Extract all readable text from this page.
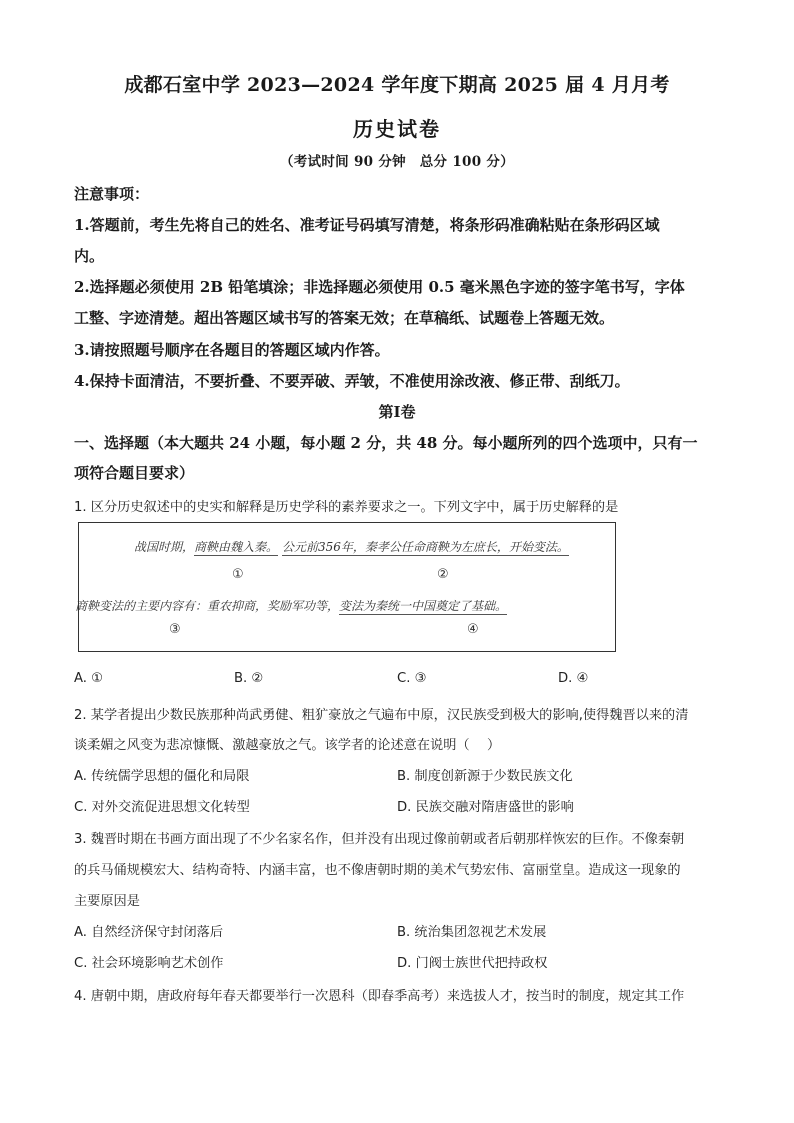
成都石室中学 2023—2024 学年度下期高 2025 届 4 月月考
历史试卷
（考试时间 90 分钟　总分 100 分）
注意事项：
1.答题前，考生先将自己的姓名、准考证号码填写清楚，将条形码准确粘贴在条形码区域
内。
2.选择题必须使用 2B 铅笔填涂；非选择题必须使用 0.5 毫米黑色字迹的签字笔书写，字体
工整、字迹清楚。超出答题区域书写的答案无效；在草稿纸、试题卷上答题无效。
3.请按照题号顺序在各题目的答题区域内作答。
4.保持卡面清洁，不要折叠、不要弄破、弄皱，不准使用涂改液、修正带、刮纸刀。
第Ⅰ卷
一、选择题（本大题共 24 小题，每小题 2 分，共 48 分。每小题所列的四个选项中，只有一
项符合题目要求）
1. 区分历史叙述中的史实和解释是历史学科的素养要求之一。下列文字中，属于历史解释的是
战国时期，商鞅由魏入秦。 公元前356年，秦孝公任命商鞅为左庶长，开始变法。
①	②
商鞅变法的主要内容有：重农抑商，奖励军功等，变法为秦统一中国奠定了基础。
③	④
A. ①	B. ②	C. ③	D. ④
2. 某学者提出少数民族那种尚武勇健、粗犷豪放之气遍布中原，汉民族受到极大的影响,使得魏晋以来的清
谈柔媚之风变为悲凉慷慨、激越豪放之气。该学者的论述意在说明（　 ）
A. 传统儒学思想的僵化和局限	B. 制度创新源于少数民族文化
C. 对外交流促进思想文化转型	D. 民族交融对隋唐盛世的影响
3. 魏晋时期在书画方面出现了不少名家名作，但并没有出现过像前朝或者后朝那样恢宏的巨作。不像秦朝
的兵马俑规模宏大、结构奇特、内涵丰富，也不像唐朝时期的美术气势宏伟、富丽堂皇。造成这一现象的
主要原因是
A. 自然经济保守封闭落后	B. 统治集团忽视艺术发展
C. 社会环境影响艺术创作	D. 门阀士族世代把持政权
4. 唐朝中期，唐政府每年春天都要举行一次恩科（即春季高考）来选拔人才，按当时的制度，规定其工作
